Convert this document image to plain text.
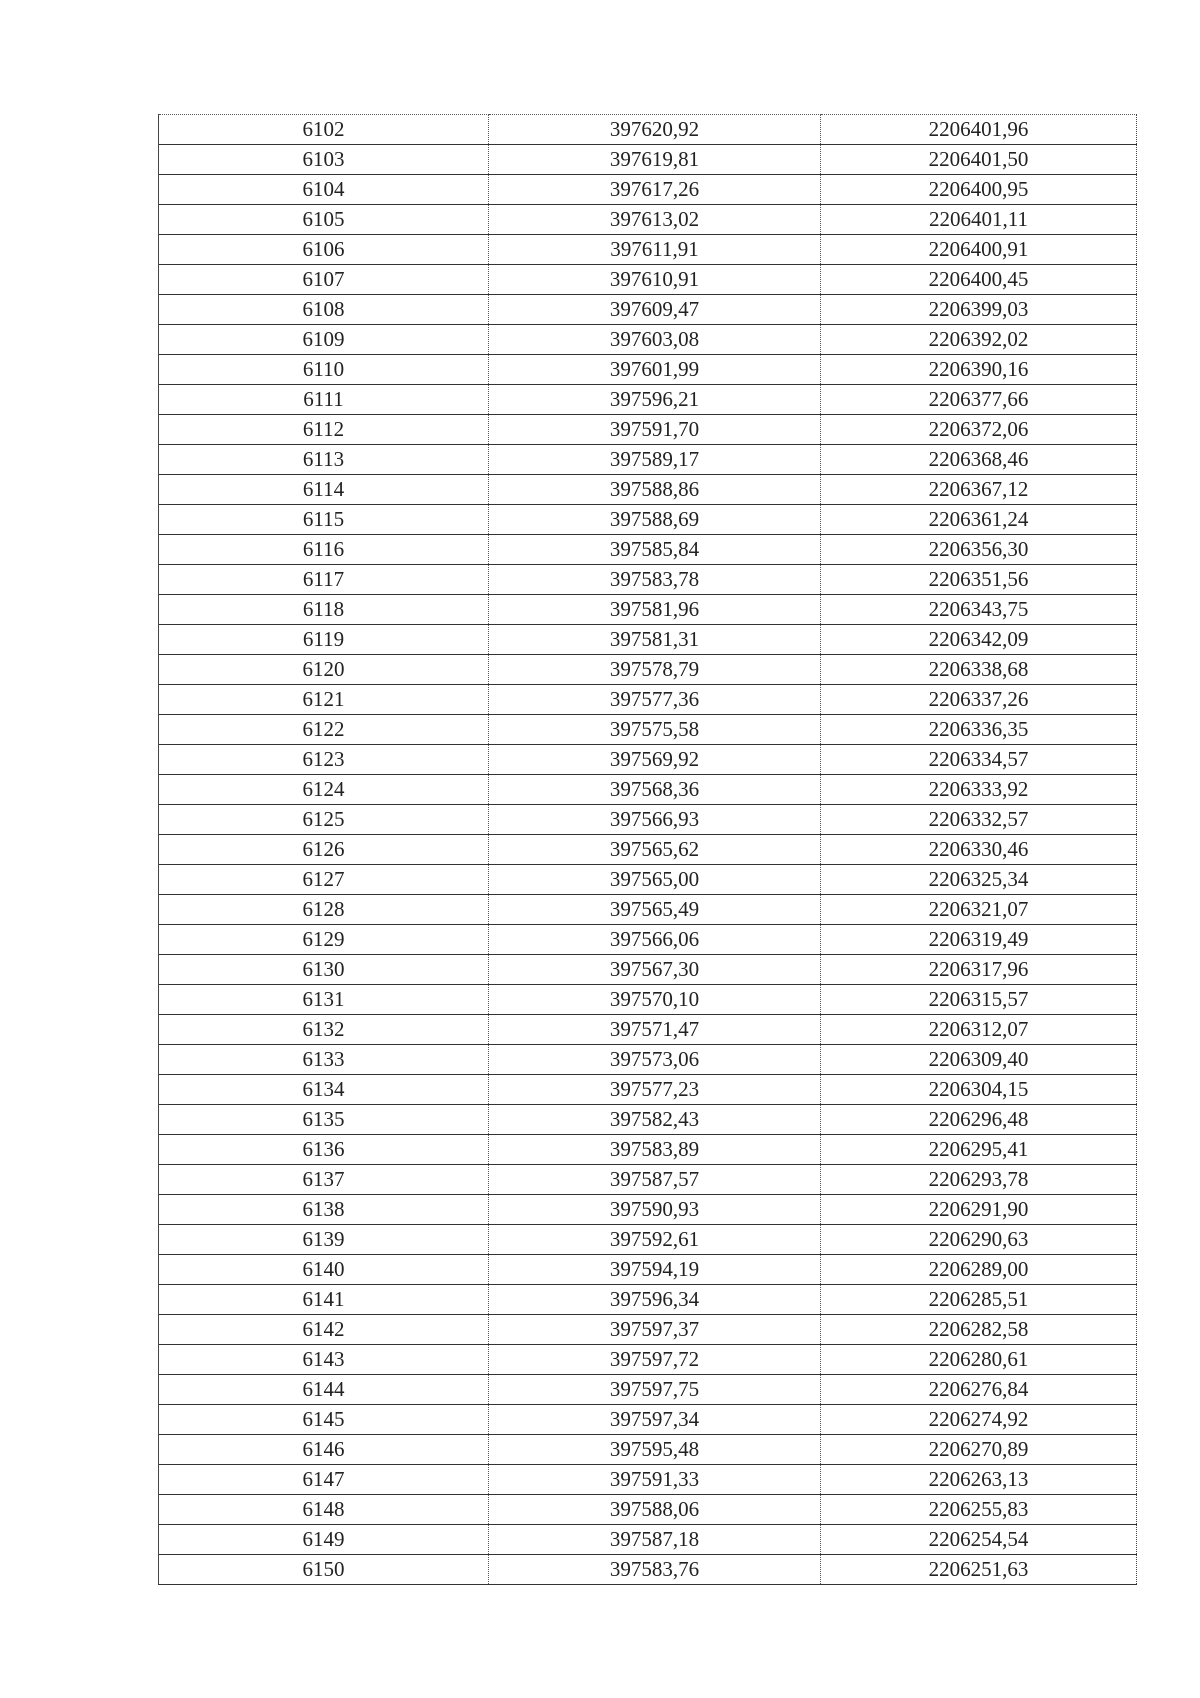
6102	397620,92	2206401,96
6103	397619,81	2206401,50
6104	397617,26	2206400,95
6105	397613,02	2206401,11
6106	397611,91	2206400,91
6107	397610,91	2206400,45
6108	397609,47	2206399,03
6109	397603,08	2206392,02
6110	397601,99	2206390,16
6111	397596,21	2206377,66
6112	397591,70	2206372,06
6113	397589,17	2206368,46
6114	397588,86	2206367,12
6115	397588,69	2206361,24
6116	397585,84	2206356,30
6117	397583,78	2206351,56
6118	397581,96	2206343,75
6119	397581,31	2206342,09
6120	397578,79	2206338,68
6121	397577,36	2206337,26
6122	397575,58	2206336,35
6123	397569,92	2206334,57
6124	397568,36	2206333,92
6125	397566,93	2206332,57
6126	397565,62	2206330,46
6127	397565,00	2206325,34
6128	397565,49	2206321,07
6129	397566,06	2206319,49
6130	397567,30	2206317,96
6131	397570,10	2206315,57
6132	397571,47	2206312,07
6133	397573,06	2206309,40
6134	397577,23	2206304,15
6135	397582,43	2206296,48
6136	397583,89	2206295,41
6137	397587,57	2206293,78
6138	397590,93	2206291,90
6139	397592,61	2206290,63
6140	397594,19	2206289,00
6141	397596,34	2206285,51
6142	397597,37	2206282,58
6143	397597,72	2206280,61
6144	397597,75	2206276,84
6145	397597,34	2206274,92
6146	397595,48	2206270,89
6147	397591,33	2206263,13
6148	397588,06	2206255,83
6149	397587,18	2206254,54
6150	397583,76	2206251,63
